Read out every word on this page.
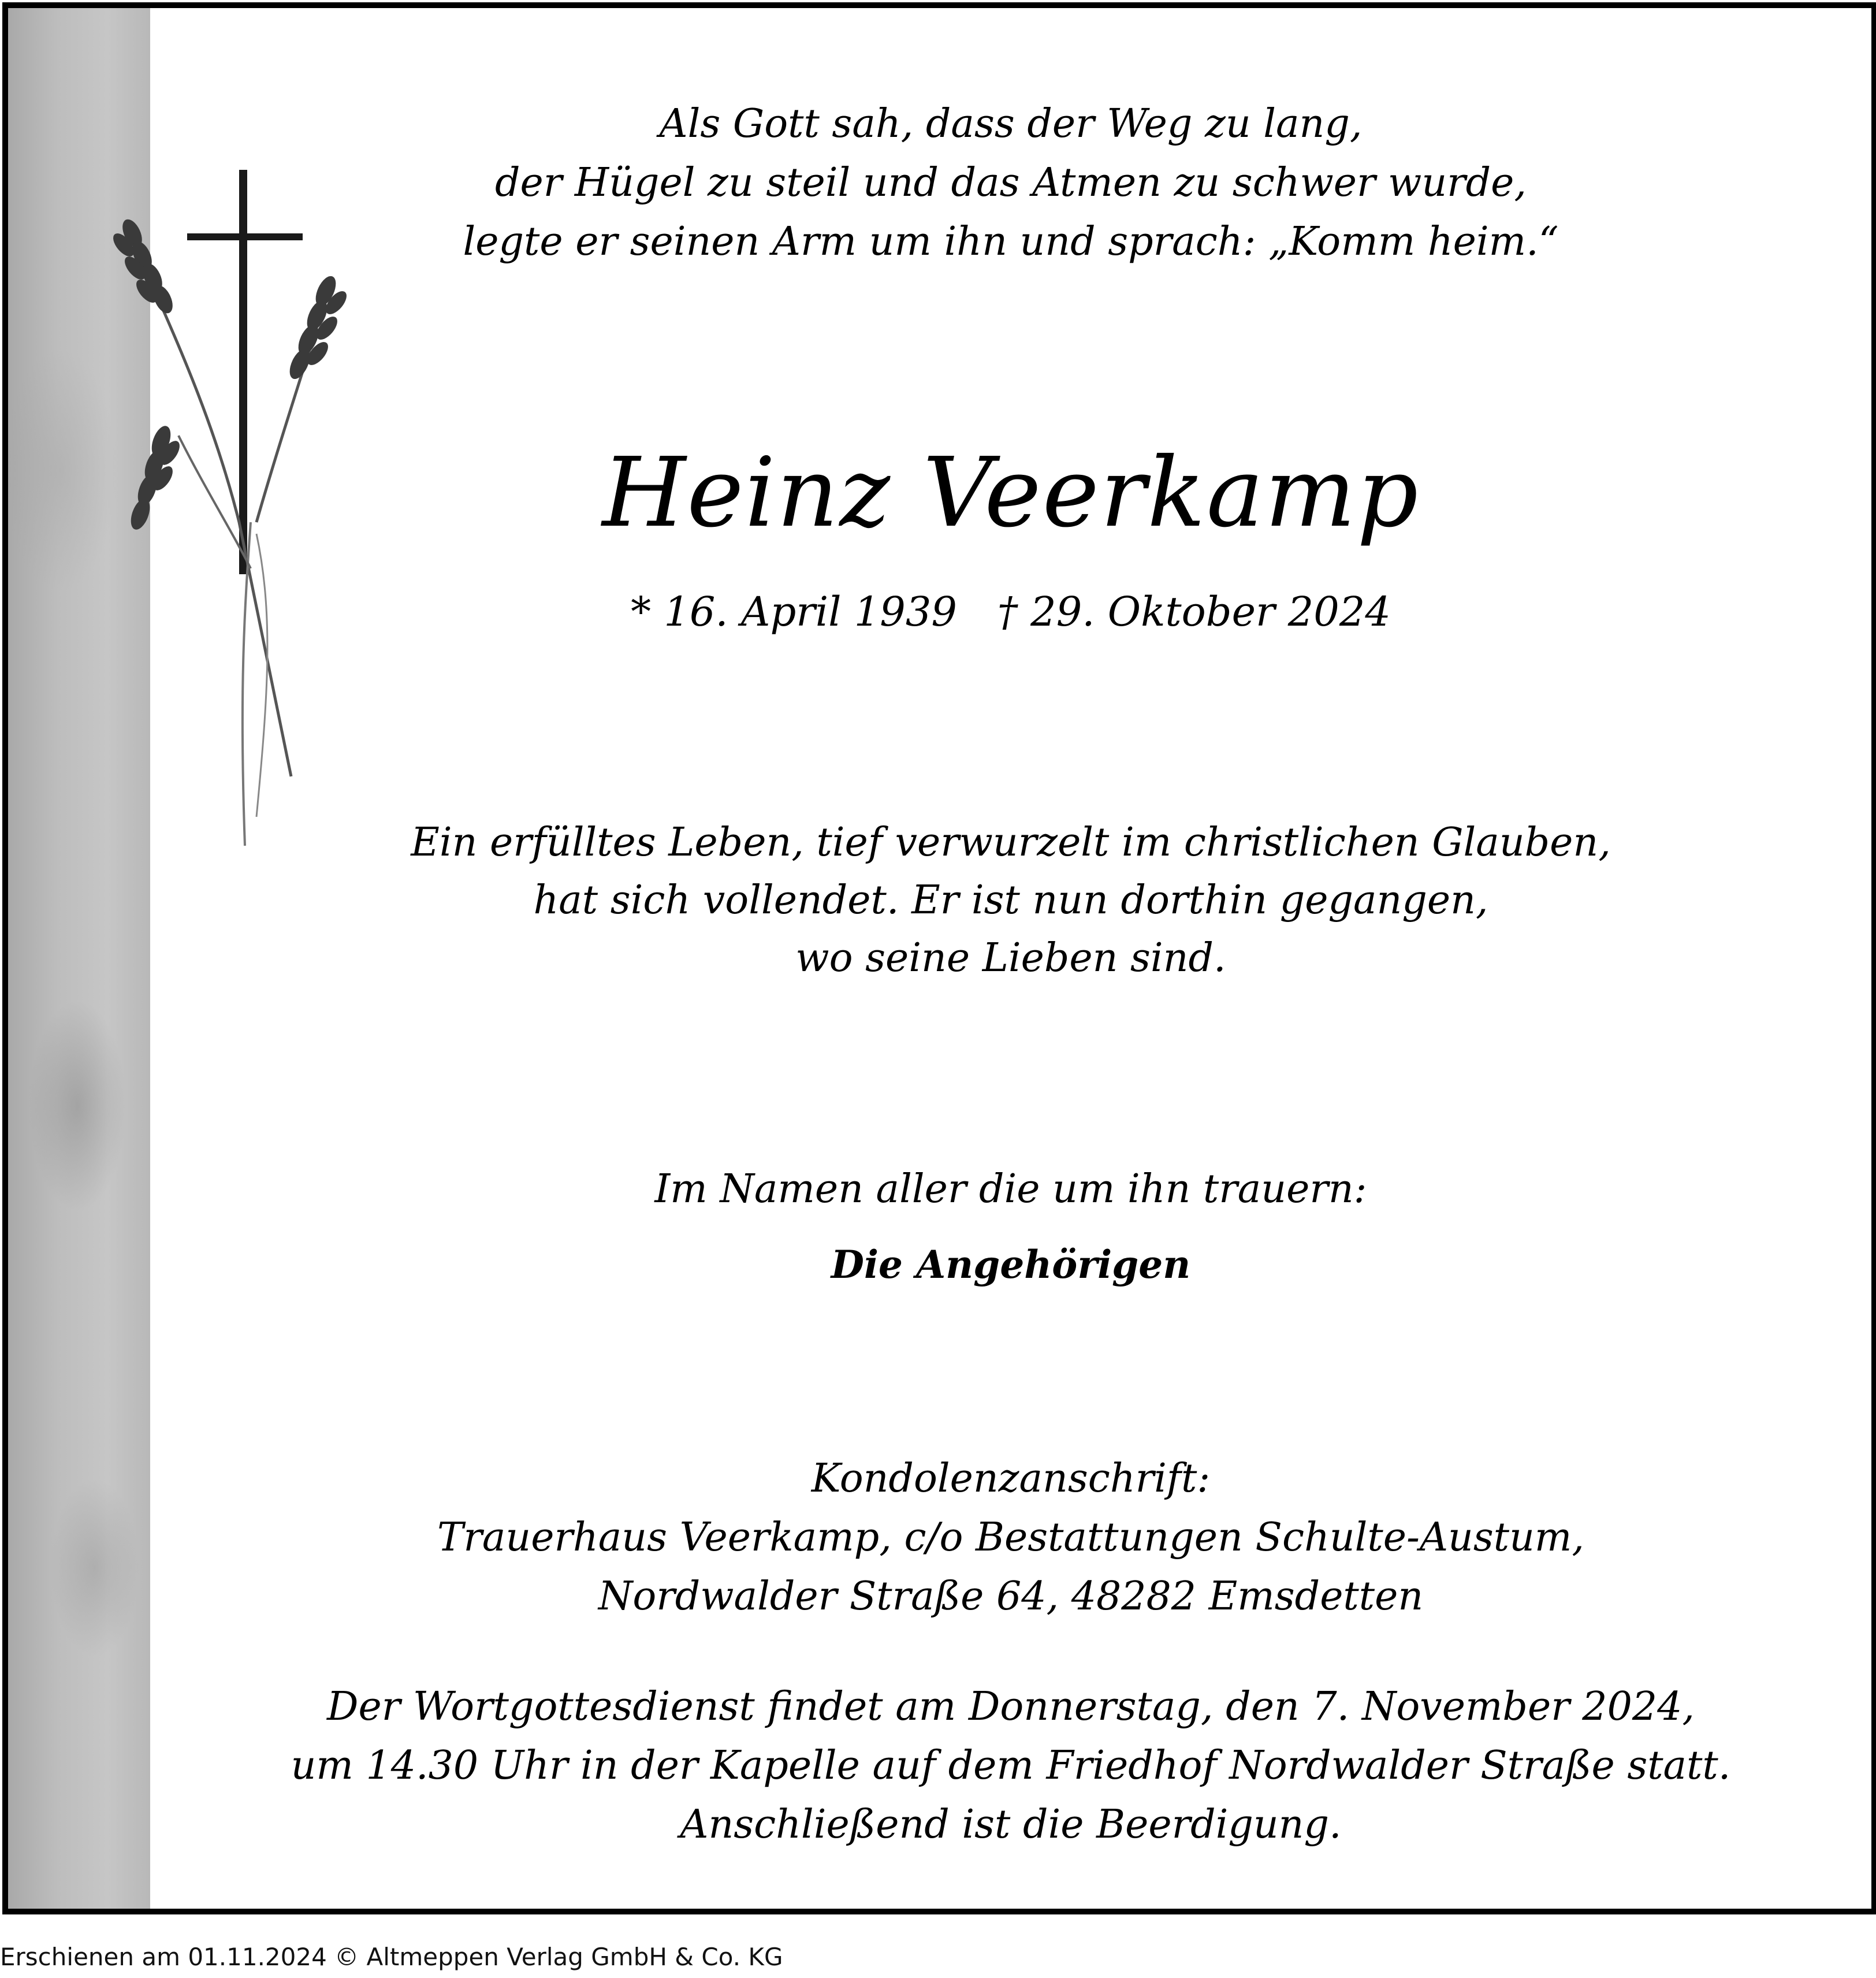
Als Gott sah, dass der Weg zu lang,
der Hügel zu steil und das Atmen zu schwer wurde,
legte er seinen Arm um ihn und sprach: „Komm heim.“
Heinz Veerkamp
* 16. April 1939 † 29. Oktober 2024
Ein erfülltes Leben, tief verwurzelt im christlichen Glauben,
hat sich vollendet. Er ist nun dorthin gegangen,
wo seine Lieben sind.
Im Namen aller die um ihn trauern:
Die Angehörigen
Kondolenzanschrift:
Trauerhaus Veerkamp, c/o Bestattungen Schulte-Austum,
Nordwalder Straße 64, 48282 Emsdetten
Der Wortgottesdienst findet am Donnerstag, den 7. November 2024,
um 14.30 Uhr in der Kapelle auf dem Friedhof Nordwalder Straße statt.
Anschließend ist die Beerdigung.
Erschienen am 01.11.2024 © Altmeppen Verlag GmbH & Co. KG
